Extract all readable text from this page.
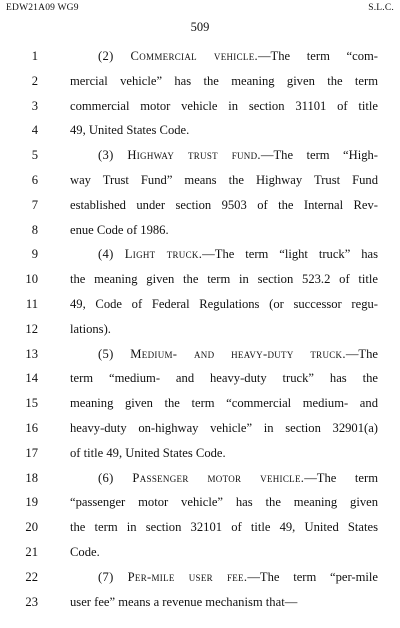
EDW21A09 WG9	S.L.C.
509
1	(2) Commercial vehicle.—The term “com-
2	mercial vehicle” has the meaning given the term
3	commercial motor vehicle in section 31101 of title
4	49, United States Code.
5	(3) Highway trust fund.—The term “High-
6	way Trust Fund” means the Highway Trust Fund
7	established under section 9503 of the Internal Rev-
8	enue Code of 1986.
9	(4) Light truck.—The term “light truck” has
10	the meaning given the term in section 523.2 of title
11	49, Code of Federal Regulations (or successor regu-
12	lations).
13	(5) Medium- and heavy-duty truck.—The
14	term “medium- and heavy-duty truck” has the
15	meaning given the term “commercial medium- and
16	heavy-duty on-highway vehicle” in section 32901(a)
17	of title 49, United States Code.
18	(6) Passenger motor vehicle.—The term
19	“passenger motor vehicle” has the meaning given
20	the term in section 32101 of title 49, United States
21	Code.
22	(7) Per-mile user fee.—The term “per-mile
23	user fee” means a revenue mechanism that—
